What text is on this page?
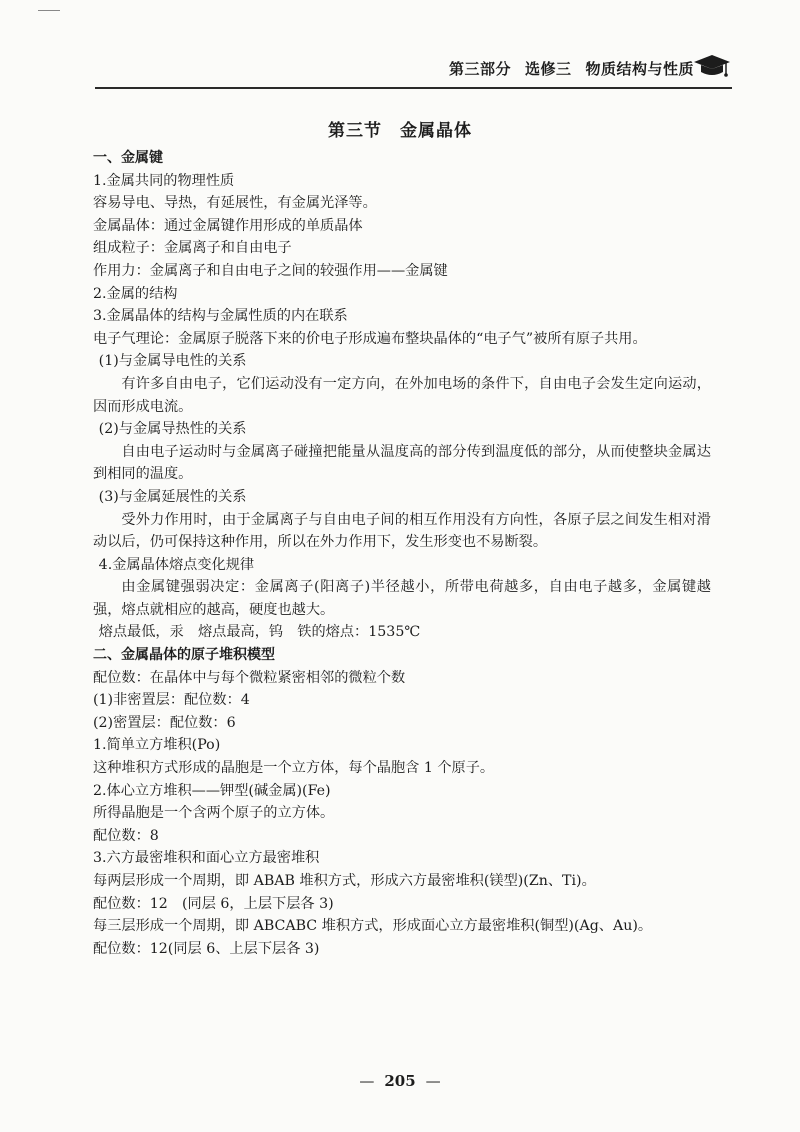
第三部分 选修三 物质结构与性质
第三节　金属晶体

一、金属键

1.金属共同的物理性质

容易导电、导热，有延展性，有金属光泽等。

金属晶体：通过金属键作用形成的单质晶体

组成粒子：金属离子和自由电子

作用力：金属离子和自由电子之间的较强作用——金属键

2.金属的结构

3.金属晶体的结构与金属性质的内在联系

电子气理论：金属原子脱落下来的价电子形成遍布整块晶体的“电子气”被所有原子共用。

(1)与金属导电性的关系

有许多自由电子，它们运动没有一定方向，在外加电场的条件下，自由电子会发生定向运动，因而形成电流。

(2)与金属导热性的关系

自由电子运动时与金属离子碰撞把能量从温度高的部分传到温度低的部分，从而使整块金属达到相同的温度。

(3)与金属延展性的关系

受外力作用时，由于金属离子与自由电子间的相互作用没有方向性，各原子层之间发生相对滑动以后，仍可保持这种作用，所以在外力作用下，发生形变也不易断裂。

4.金属晶体熔点变化规律

由金属键强弱决定：金属离子(阳离子)半径越小，所带电荷越多，自由电子越多，金属键越强，熔点就相应的越高，硬度也越大。

熔点最低，汞　熔点最高，钨　铁的熔点：1535℃

二、金属晶体的原子堆积模型

配位数：在晶体中与每个微粒紧密相邻的微粒个数

(1)非密置层：配位数：4

(2)密置层：配位数：6

1.简单立方堆积(Po)

这种堆积方式形成的晶胞是一个立方体，每个晶胞含 1 个原子。

2.体心立方堆积——钾型(碱金属)(Fe)

所得晶胞是一个含两个原子的立方体。

配位数：8

3.六方最密堆积和面心立方最密堆积

每两层形成一个周期，即 ABAB 堆积方式，形成六方最密堆积(镁型)(Zn、Ti)。

配位数：12　(同层 6，上层下层各 3)

每三层形成一个周期，即 ABCABC 堆积方式，形成面心立方最密堆积(铜型)(Ag、Au)。

配位数：12(同层 6、上层下层各 3)

— 205 —
